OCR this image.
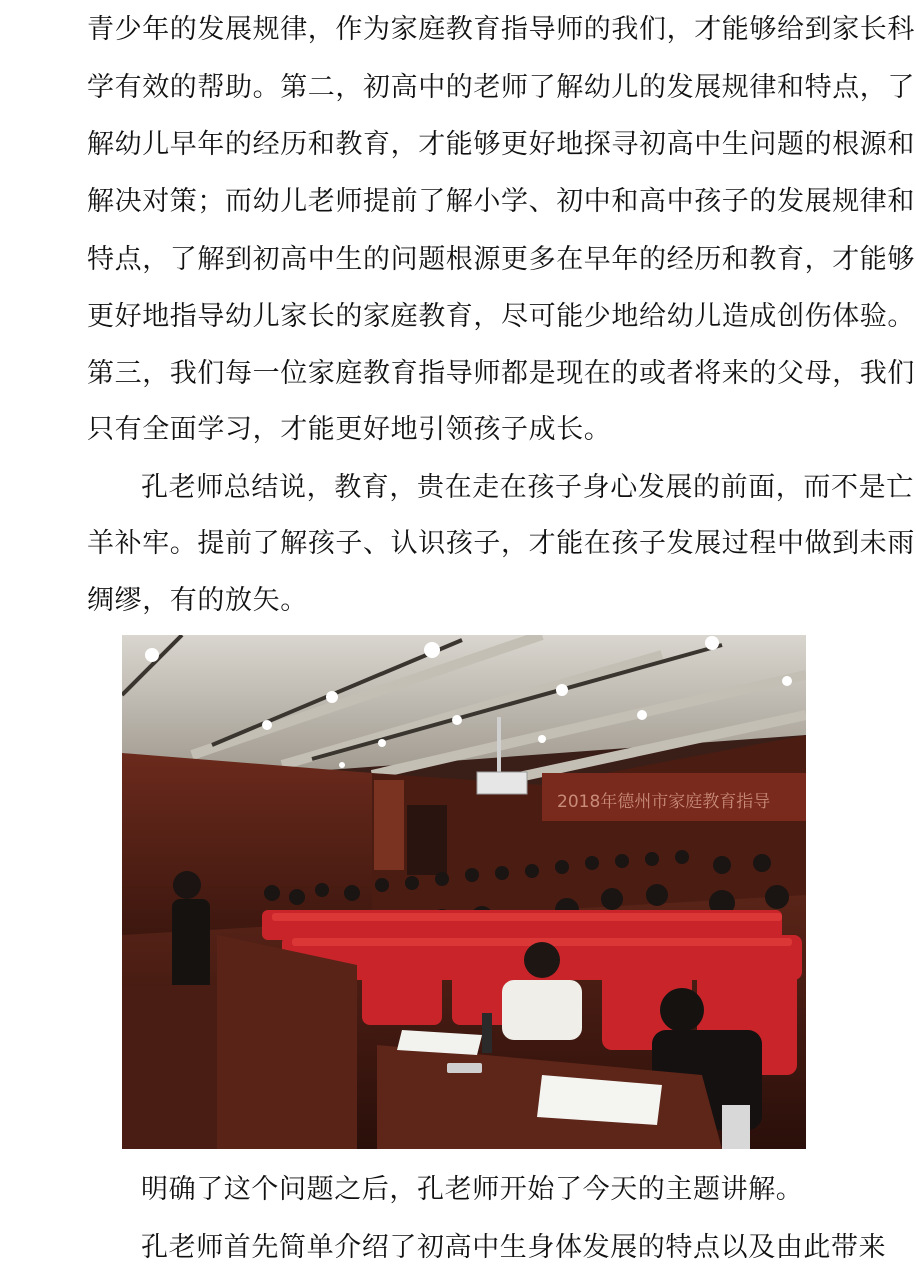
青少年的发展规律，作为家庭教育指导师的我们，才能够给到家长科
学有效的帮助。第二，初高中的老师了解幼儿的发展规律和特点，了
解幼儿早年的经历和教育，才能够更好地探寻初高中生问题的根源和
解决对策；而幼儿老师提前了解小学、初中和高中孩子的发展规律和
特点，了解到初高中生的问题根源更多在早年的经历和教育，才能够
更好地指导幼儿家长的家庭教育，尽可能少地给幼儿造成创伤体验。
第三，我们每一位家庭教育指导师都是现在的或者将来的父母，我们
只有全面学习，才能更好地引领孩子成长。
孔老师总结说，教育，贵在走在孩子身心发展的前面，而不是亡
羊补牢。提前了解孩子、认识孩子，才能在孩子发展过程中做到未雨
绸缪，有的放矢。
2018年德州市家庭教育指导
明确了这个问题之后，孔老师开始了今天的主题讲解。
孔老师首先简单介绍了初高中生身体发展的特点以及由此带来
